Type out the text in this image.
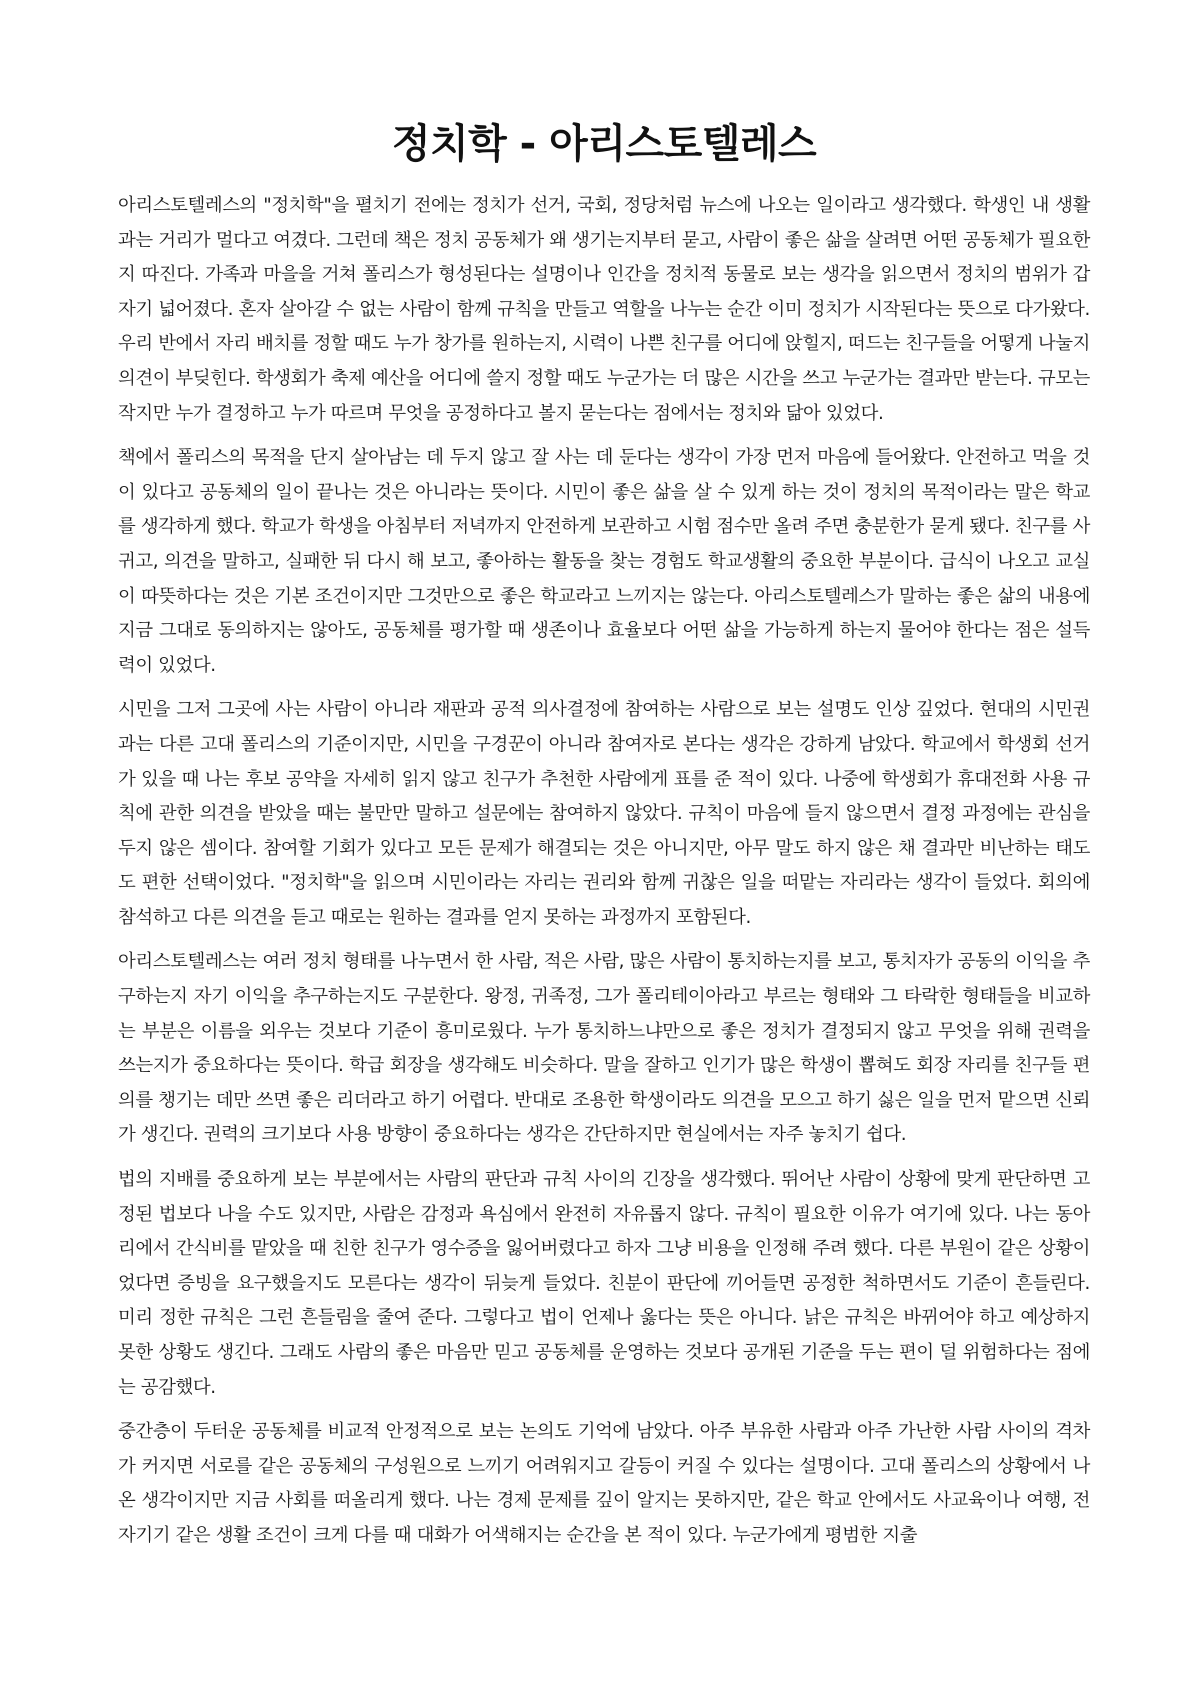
정치학 - 아리스토텔레스

아리스토텔레스의 "정치학"을 펼치기 전에는 정치가 선거, 국회, 정당처럼 뉴스에 나오는 일이라고 생각했다. 학생인 내 생활과는 거리가 멀다고 여겼다. 그런데 책은 정치 공동체가 왜 생기는지부터 묻고, 사람이 좋은 삶을 살려면 어떤 공동체가 필요한지 따진다. 가족과 마을을 거쳐 폴리스가 형성된다는 설명이나 인간을 정치적 동물로 보는 생각을 읽으면서 정치의 범위가 갑자기 넓어졌다. 혼자 살아갈 수 없는 사람이 함께 규칙을 만들고 역할을 나누는 순간 이미 정치가 시작된다는 뜻으로 다가왔다. 우리 반에서 자리 배치를 정할 때도 누가 창가를 원하는지, 시력이 나쁜 친구를 어디에 앉힐지, 떠드는 친구들을 어떻게 나눌지 의견이 부딪힌다. 학생회가 축제 예산을 어디에 쓸지 정할 때도 누군가는 더 많은 시간을 쓰고 누군가는 결과만 받는다. 규모는 작지만 누가 결정하고 누가 따르며 무엇을 공정하다고 볼지 묻는다는 점에서는 정치와 닮아 있었다.

책에서 폴리스의 목적을 단지 살아남는 데 두지 않고 잘 사는 데 둔다는 생각이 가장 먼저 마음에 들어왔다. 안전하고 먹을 것이 있다고 공동체의 일이 끝나는 것은 아니라는 뜻이다. 시민이 좋은 삶을 살 수 있게 하는 것이 정치의 목적이라는 말은 학교를 생각하게 했다. 학교가 학생을 아침부터 저녁까지 안전하게 보관하고 시험 점수만 올려 주면 충분한가 묻게 됐다. 친구를 사귀고, 의견을 말하고, 실패한 뒤 다시 해 보고, 좋아하는 활동을 찾는 경험도 학교생활의 중요한 부분이다. 급식이 나오고 교실이 따뜻하다는 것은 기본 조건이지만 그것만으로 좋은 학교라고 느끼지는 않는다. 아리스토텔레스가 말하는 좋은 삶의 내용에 지금 그대로 동의하지는 않아도, 공동체를 평가할 때 생존이나 효율보다 어떤 삶을 가능하게 하는지 물어야 한다는 점은 설득력이 있었다.

시민을 그저 그곳에 사는 사람이 아니라 재판과 공적 의사결정에 참여하는 사람으로 보는 설명도 인상 깊었다. 현대의 시민권과는 다른 고대 폴리스의 기준이지만, 시민을 구경꾼이 아니라 참여자로 본다는 생각은 강하게 남았다. 학교에서 학생회 선거가 있을 때 나는 후보 공약을 자세히 읽지 않고 친구가 추천한 사람에게 표를 준 적이 있다. 나중에 학생회가 휴대전화 사용 규칙에 관한 의견을 받았을 때는 불만만 말하고 설문에는 참여하지 않았다. 규칙이 마음에 들지 않으면서 결정 과정에는 관심을 두지 않은 셈이다. 참여할 기회가 있다고 모든 문제가 해결되는 것은 아니지만, 아무 말도 하지 않은 채 결과만 비난하는 태도도 편한 선택이었다. "정치학"을 읽으며 시민이라는 자리는 권리와 함께 귀찮은 일을 떠맡는 자리라는 생각이 들었다. 회의에 참석하고 다른 의견을 듣고 때로는 원하는 결과를 얻지 못하는 과정까지 포함된다.

아리스토텔레스는 여러 정치 형태를 나누면서 한 사람, 적은 사람, 많은 사람이 통치하는지를 보고, 통치자가 공동의 이익을 추구하는지 자기 이익을 추구하는지도 구분한다. 왕정, 귀족정, 그가 폴리테이아라고 부르는 형태와 그 타락한 형태들을 비교하는 부분은 이름을 외우는 것보다 기준이 흥미로웠다. 누가 통치하느냐만으로 좋은 정치가 결정되지 않고 무엇을 위해 권력을 쓰는지가 중요하다는 뜻이다. 학급 회장을 생각해도 비슷하다. 말을 잘하고 인기가 많은 학생이 뽑혀도 회장 자리를 친구들 편의를 챙기는 데만 쓰면 좋은 리더라고 하기 어렵다. 반대로 조용한 학생이라도 의견을 모으고 하기 싫은 일을 먼저 맡으면 신뢰가 생긴다. 권력의 크기보다 사용 방향이 중요하다는 생각은 간단하지만 현실에서는 자주 놓치기 쉽다.

법의 지배를 중요하게 보는 부분에서는 사람의 판단과 규칙 사이의 긴장을 생각했다. 뛰어난 사람이 상황에 맞게 판단하면 고정된 법보다 나을 수도 있지만, 사람은 감정과 욕심에서 완전히 자유롭지 않다. 규칙이 필요한 이유가 여기에 있다. 나는 동아리에서 간식비를 맡았을 때 친한 친구가 영수증을 잃어버렸다고 하자 그냥 비용을 인정해 주려 했다. 다른 부원이 같은 상황이었다면 증빙을 요구했을지도 모른다는 생각이 뒤늦게 들었다. 친분이 판단에 끼어들면 공정한 척하면서도 기준이 흔들린다. 미리 정한 규칙은 그런 흔들림을 줄여 준다. 그렇다고 법이 언제나 옳다는 뜻은 아니다. 낡은 규칙은 바뀌어야 하고 예상하지 못한 상황도 생긴다. 그래도 사람의 좋은 마음만 믿고 공동체를 운영하는 것보다 공개된 기준을 두는 편이 덜 위험하다는 점에는 공감했다.

중간층이 두터운 공동체를 비교적 안정적으로 보는 논의도 기억에 남았다. 아주 부유한 사람과 아주 가난한 사람 사이의 격차가 커지면 서로를 같은 공동체의 구성원으로 느끼기 어려워지고 갈등이 커질 수 있다는 설명이다. 고대 폴리스의 상황에서 나온 생각이지만 지금 사회를 떠올리게 했다. 나는 경제 문제를 깊이 알지는 못하지만, 같은 학교 안에서도 사교육이나 여행, 전자기기 같은 생활 조건이 크게 다를 때 대화가 어색해지는 순간을 본 적이 있다. 누군가에게 평범한 지출
